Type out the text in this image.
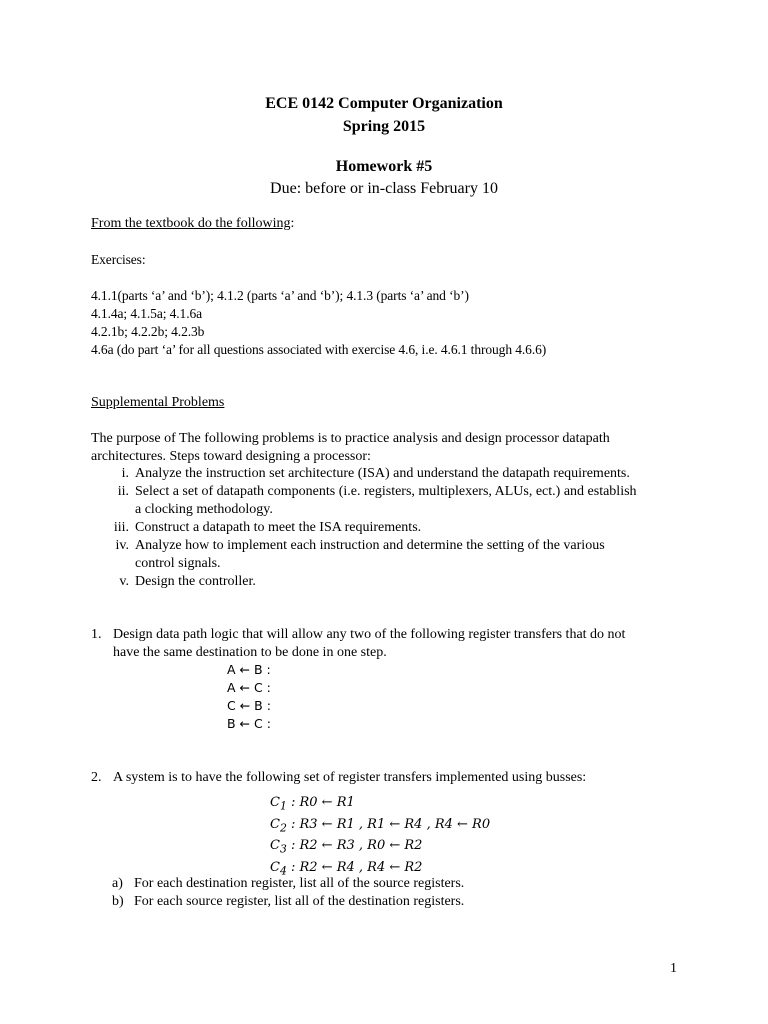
ECE 0142 Computer Organization
Spring 2015
Homework #5
Due: before or in-class February 10
From the textbook do the following:
Exercises:
4.1.1(parts ‘a’ and ‘b’); 4.1.2 (parts ‘a’ and ‘b’); 4.1.3 (parts ‘a’ and ‘b’)
4.1.4a; 4.1.5a; 4.1.6a
4.2.1b; 4.2.2b; 4.2.3b
4.6a (do part ‘a’ for all questions associated with exercise 4.6, i.e. 4.6.1 through 4.6.6)
Supplemental Problems
The purpose of The following problems is to practice analysis and design processor datapath
architectures. Steps toward designing a processor:
i. Analyze the instruction set architecture (ISA) and understand the datapath requirements.
ii. Select a set of datapath components (i.e. registers, multiplexers, ALUs, ect.) and establish
a clocking methodology.
iii. Construct a datapath to meet the ISA requirements.
iv. Analyze how to implement each instruction and determine the setting of the various
control signals.
v. Design the controller.
1. Design data path logic that will allow any two of the following register transfers that do not
have the same destination to be done in one step.
A ← B :
A ← C :
C ← B :
B ← C :
2. A system is to have the following set of register transfers implemented using busses:
$C_1$ : R0 ← R1
$C_2$ : R3 ← R1 , R1 ← R4 , R4 ← R0
$C_3$ : R2 ← R3 , R0 ← R2
$C_4$ : R2 ← R4 , R4 ← R2
a) For each destination register, list all of the source registers.
b) For each source register, list all of the destination registers.
1
